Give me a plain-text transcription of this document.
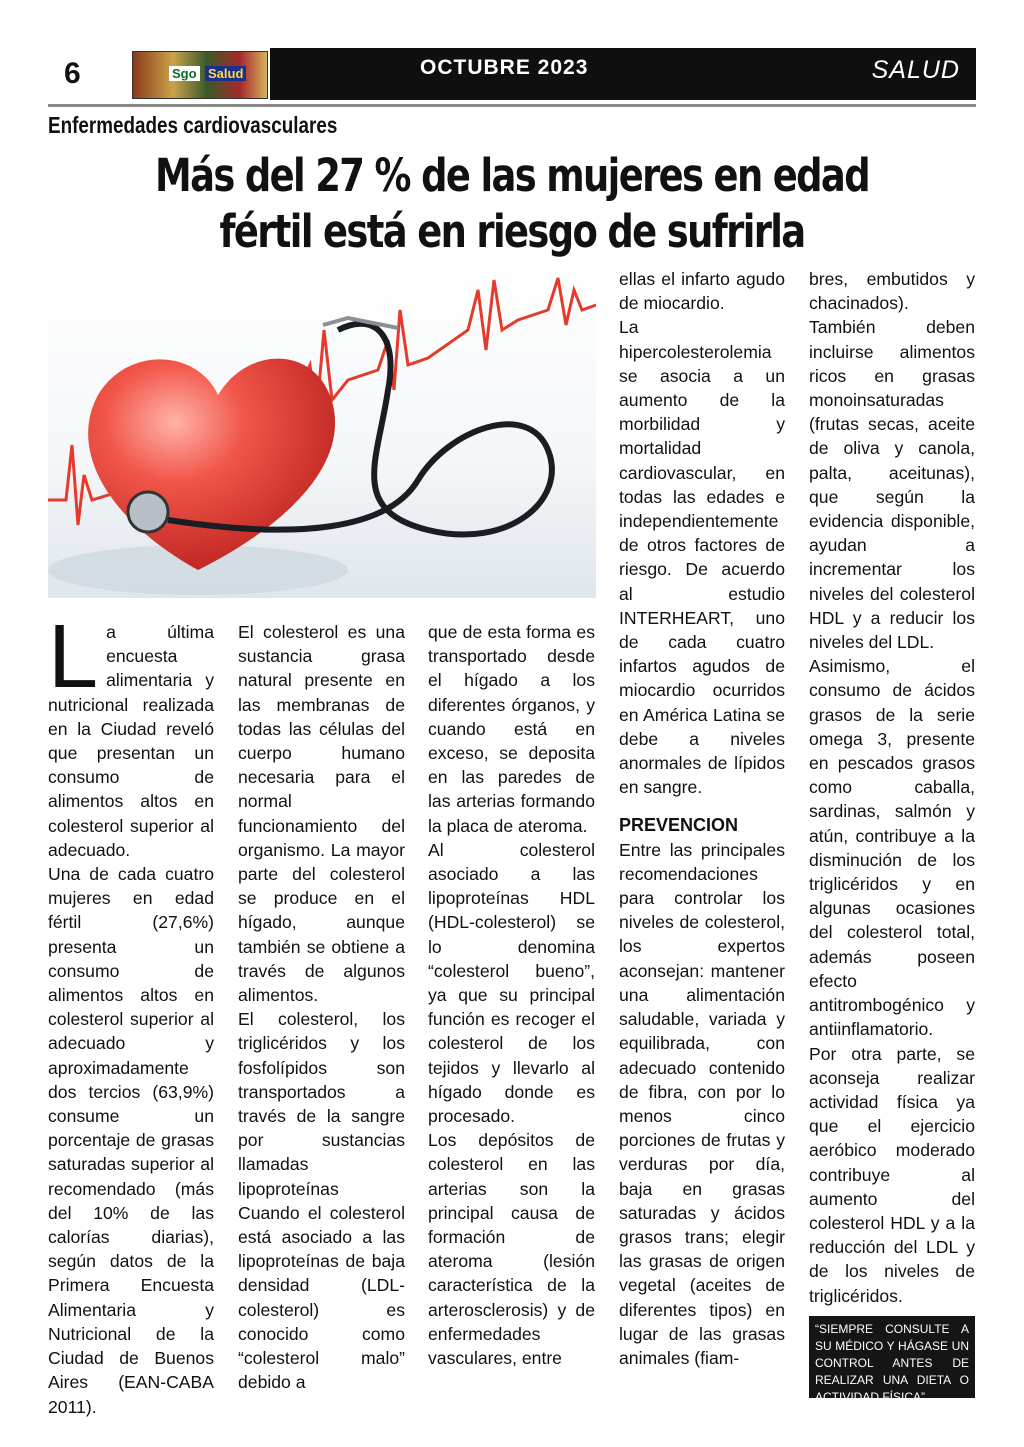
6	Sgo Salud	OCTUBRE 2023	SALUD
Enfermedades cardiovasculares
Más del 27 % de las mujeres en edad
fértil está en riesgo de sufrirla

La última encuesta alimentaria y nutricional realizada en la Ciudad reveló que presentan un consumo de alimentos altos en colesterol superior al adecuado.

Una de cada cuatro mujeres en edad fértil (27,6%) presenta un consumo de alimentos altos en colesterol superior al adecuado y aproximadamente dos tercios (63,9%) consume un porcentaje de grasas saturadas superior al recomendado (más del 10% de las calorías diarias), según datos de la Primera Encuesta Alimentaria y Nutricional de la Ciudad de Buenos Aires (EAN-CABA 2011).

El colesterol es una sustancia grasa natural presente en las membranas de todas las células del cuerpo humano necesaria para el normal funcionamiento del organismo. La mayor parte del colesterol se produce en el hígado, aunque también se obtiene a través de algunos alimentos.

El colesterol, los triglicéridos y los fosfolípidos son transportados a través de la sangre por sustancias llamadas lipoproteínas

Cuando el colesterol está asociado a las lipoproteínas de baja densidad (LDL-colesterol) es conocido como “colesterol malo” debido a

que de esta forma es transportado desde el hígado a los diferentes órganos, y cuando está en exceso, se deposita en las paredes de las arterias formando la placa de ateroma.

Al colesterol asociado a las lipoproteínas HDL (HDL-colesterol) se lo denomina “colesterol bueno”, ya que su principal función es recoger el colesterol de los tejidos y llevarlo al hígado donde es procesado.

Los depósitos de colesterol en las arterias son la principal causa de formación de ateroma (lesión característica de la arterosclerosis) y de enfermedades vasculares, entre

ellas el infarto agudo de miocardio.

La hipercolesterolemia se asocia a un aumento de la morbilidad y mortalidad cardiovascular, en todas las edades e independientemente de otros factores de riesgo. De acuerdo al estudio INTERHEART, uno de cada cuatro infartos agudos de miocardio ocurridos en América Latina se debe a niveles anormales de lípidos en sangre.

PREVENCION

Entre las principales recomendaciones para controlar los niveles de colesterol, los expertos aconsejan: mantener una alimentación saludable, variada y equilibrada, con adecuado contenido de fibra, con por lo menos cinco porciones de frutas y verduras por día, baja en grasas saturadas y ácidos grasos trans; elegir las grasas de origen vegetal (aceites de diferentes tipos) en lugar de las grasas animales (fiam-

bres, embutidos y chacinados). También deben incluirse alimentos ricos en grasas monoinsaturadas (frutas secas, aceite de oliva y canola, palta, aceitunas), que según la evidencia disponible, ayudan a incrementar los niveles del colesterol HDL y a reducir los niveles del LDL.

Asimismo, el consumo de ácidos grasos de la serie omega 3, presente en pescados grasos como caballa, sardinas, salmón y atún, contribuye a la disminución de los triglicéridos y en algunas ocasiones del colesterol total, además poseen efecto antitrombogénico y antiinflamatorio.

Por otra parte, se aconseja realizar actividad física ya que el ejercicio aeróbico moderado contribuye al aumento del colesterol HDL y a la reducción del LDL y de los niveles de triglicéridos.

“SIEMPRE CONSULTE A SU MÉDICO Y HÁGASE UN CONTROL ANTES DE REALIZAR UNA DIETA O ACTIVIDAD FÍSICA”
